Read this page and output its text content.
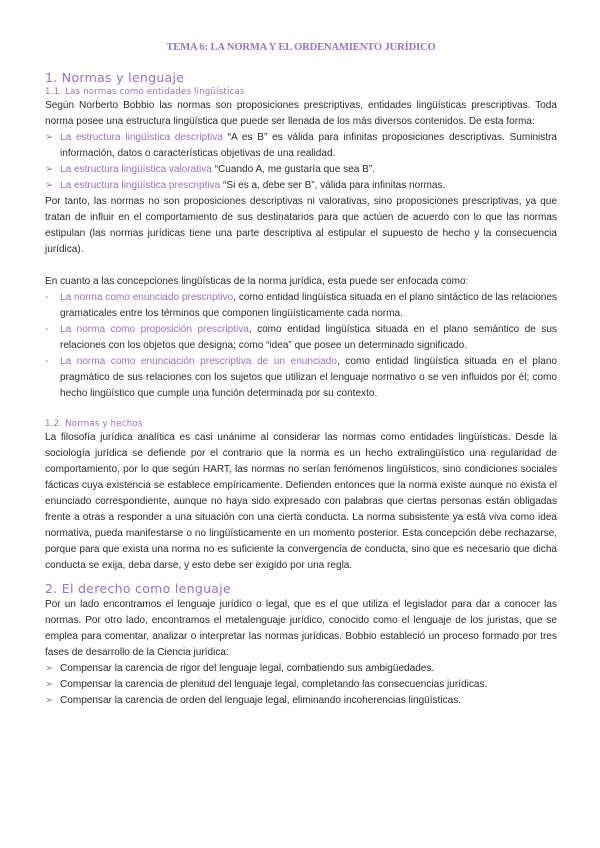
TEMA 6: LA NORMA Y EL ORDENAMIENTO JURÍDICO
1. Normas y lenguaje
1.1. Las normas como entidades lingüísticas

Según Norberto Bobbio las normas son proposiciones prescriptivas, entidades lingüísticas prescriptivas. Toda norma posee una estructura lingüística que puede ser llenada de los más diversos contenidos. De esta forma:

➢ La estructura lingüística descriptiva “A es B” es válida para infinitas proposiciones descriptivas. Suministra información, datos o características objetivas de una realidad.
➢ La estructura lingüística valorativa “Cuando A, me gustaría que sea B”.
➢ La estructura lingüística prescriptiva “Si es a, debe ser B”, válida para infinitas normas.

Por tanto, las normas no son proposiciones descriptivas ni valorativas, sino proposiciones prescriptivas, ya que tratan de influir en el comportamiento de sus destinatarios para que actúen de acuerdo con lo que las normas estipulan (las normas jurídicas tiene una parte descriptiva al estipular el supuesto de hecho y la consecuencia jurídica).

En cuanto a las concepciones lingüísticas de la norma jurídica, esta puede ser enfocada como:

- La norma como enunciado prescriptivo, como entidad lingüística situada en el plano sintáctico de las relaciones gramaticales entre los términos que componen lingüísticamente cada norma.
- La norma como proposición prescriptiva, como entidad lingüística situada en el plano semántico de sus relaciones con los objetos que designa; como “idea” que posee un determinado significado.
- La norma como enunciación prescriptiva de un enunciado, como entidad lingüística situada en el plano pragmático de sus relaciones con los sujetos que utilizan el lenguaje normativo o se ven influidos por él; como hecho lingüístico que cumple una función determinada por su contexto.
1.2. Normas y hechos

La filosofía jurídica analítica es casi unánime al considerar las normas como entidades lingüísticas. Desde la sociología jurídica se defiende por el contrario que la norma es un hecho extralingüístico una regularidad de comportamiento, por lo que según HART, las normas no serían fenómenos lingüísticos, sino condiciones sociales fácticas cuya existencia se establece empíricamente. Defienden entonces que la norma existe aunque no exista el enunciado correspondiente, aunque no haya sido expresado con palabras que ciertas personas están obligadas frente a otras a responder a una situación con una cierta conducta. La norma subsistente ya está viva como idea normativa, pueda manifestarse o no lingüísticamente en un momento posterior. Esta concepción debe rechazarse, porque para que exista una norma no es suficiente la convergencia de conducta, sino que es necesario que dicha conducta se exija, deba darse, y esto debe ser exigido por una regla.

2. El derecho como lenguaje

Por un lado encontramos el lenguaje jurídico o legal, que es el que utiliza el legislador para dar a conocer las normas. Por otro lado, encontramos el metalenguaje jurídico, conocido como el lenguaje de los juristas, que se emplea para comentar, analizar o interpretar las normas jurídicas. Bobbio estableció un proceso formado por tres fases de desarrollo de la Ciencia jurídica:

➢ Compensar la carencia de rigor del lenguaje legal, combatiendo sus ambigüedades.
➢ Compensar la carencia de plenitud del lenguaje legal, completando las consecuencias jurídicas.
➢ Compensar la carencia de orden del lenguaje legal, eliminando incoherencias lingüísticas.
